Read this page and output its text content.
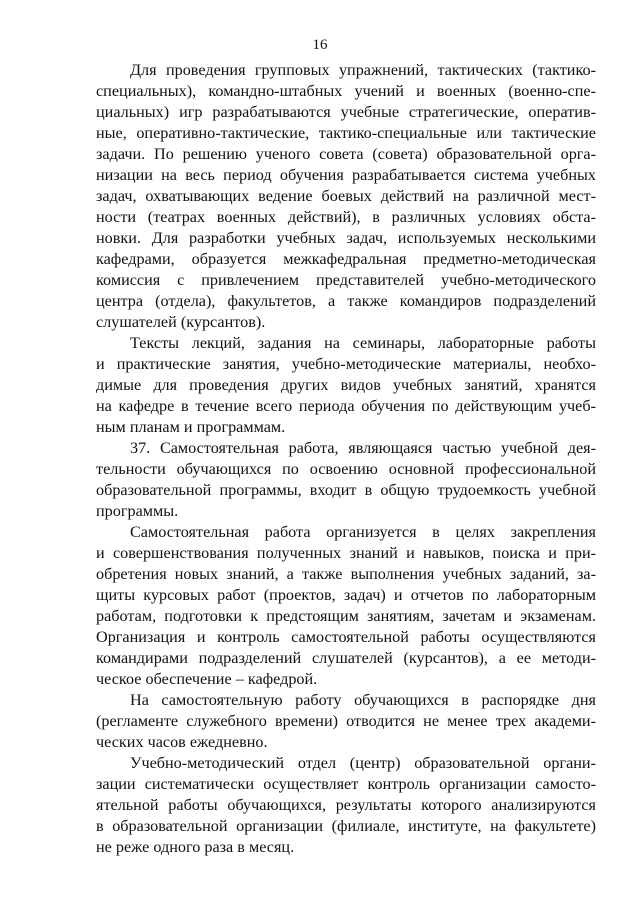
16
Для проведения групповых упражнений, тактических (тактико-
специальных), командно-штабных учений и военных (военно-спе-
циальных) игр разрабатываются учебные стратегические, оператив-
ные, оперативно-тактические, тактико-специальные или тактические
задачи. По решению ученого совета (совета) образовательной орга-
низации на весь период обучения разрабатывается система учебных
задач, охватывающих ведение боевых действий на различной мест-
ности (театрах военных действий), в различных условиях обста-
новки. Для разработки учебных задач, используемых несколькими
кафедрами, образуется межкафедральная предметно-методическая
комиссия с привлечением представителей учебно-методического
центра (отдела), факультетов, а также командиров подразделений
слушателей (курсантов).
Тексты лекций, задания на семинары, лабораторные работы
и практические занятия, учебно-методические материалы, необхо-
димые для проведения других видов учебных занятий, хранятся
на кафедре в течение всего периода обучения по действующим учеб-
ным планам и программам.
37. Самостоятельная работа, являющаяся частью учебной дея-
тельности обучающихся по освоению основной профессиональной
образовательной программы, входит в общую трудоемкость учебной
программы.
Самостоятельная работа организуется в целях закрепления
и совершенствования полученных знаний и навыков, поиска и при-
обретения новых знаний, а также выполнения учебных заданий, за-
щиты курсовых работ (проектов, задач) и отчетов по лабораторным
работам, подготовки к предстоящим занятиям, зачетам и экзаменам.
Организация и контроль самостоятельной работы осуществляются
командирами подразделений слушателей (курсантов), а ее методи-
ческое обеспечение – кафедрой.
На самостоятельную работу обучающихся в распорядке дня
(регламенте служебного времени) отводится не менее трех академи-
ческих часов ежедневно.
Учебно-методический отдел (центр) образовательной органи-
зации систематически осуществляет контроль организации самосто-
ятельной работы обучающихся, результаты которого анализируются
в образовательной организации (филиале, институте, на факультете)
не реже одного раза в месяц.
